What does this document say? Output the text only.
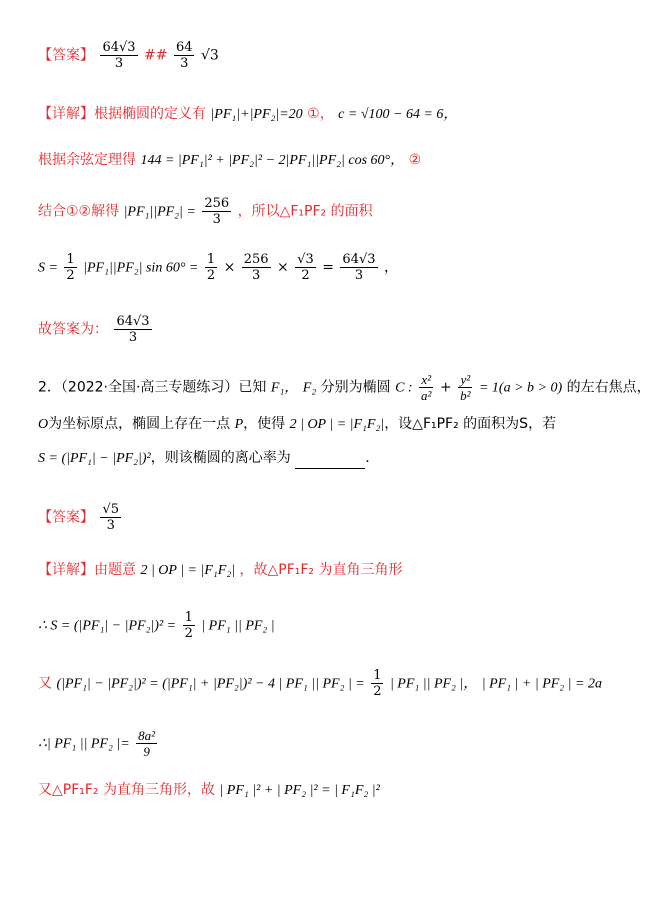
【答案】 $\frac{64√3}{3}$ ## $\frac{64}{3} √3$
【详解】根据椭圆的定义有 |PF₁|+|PF₂|=20 ①， c = √100 − 64 = 6，
根据余弦定理得 144 = |PF₁|² + |PF₂|² − 2|PF₁||PF₂| cos 60°， ②
结合①②解得 $|PF_1||PF_2| = \frac{256}{3}$ ，所以△F₁PF₂ 的面积
$S = \frac{1}{2} |PF_1||PF_2|$ $\sin 60^\circ = \frac{1}{2} \times \frac{256}{3} \times \frac{√3}{2} = \frac{64√3}{3}$ ，
故答案为： $\frac{64√3}{3}$
2．（2022·全国·高三专题练习）已知 F₁， F₂ 分别为椭圆 C : $\frac{\text{x²}}{\text{a²}} + \frac{\text{y²}}{\text{b²}} = 1(a > b > 0)$ 的左右焦点，
O为坐标原点，椭圆上存在一点 P，使得 2 | OP | = |F₁F₂|，设△F₁PF₂ 的面积为S，若
S = (|PF₁| − |PF₂|)²，则该椭圆的离心率为	.
【答案】 $\frac{√5}{3}$
【详解】由题意 2 | OP | = |F₁F₂| ，故△PF₁F₂ 为直角三角形
∴ $S = (|PF_1| - |PF_2|)^2 = \frac{1}{2}$ | PF₁ || PF₂ |
又 (|PF₁| − |PF₂|)² = (|PF₁| + |PF₂|)² − 4 | PF₁ || PF₂ | = $\frac{1}{2}$ | PF₁ || PF₂ |， | PF₁ | + | PF₂ | = 2a
∴| PF₁ || PF₂ |= $\frac{\text{8a²}}{9}$
又△PF₁F₂ 为直角三角形，故 | PF₁ |² + | PF₂ |² = | F₁F₂ |²
